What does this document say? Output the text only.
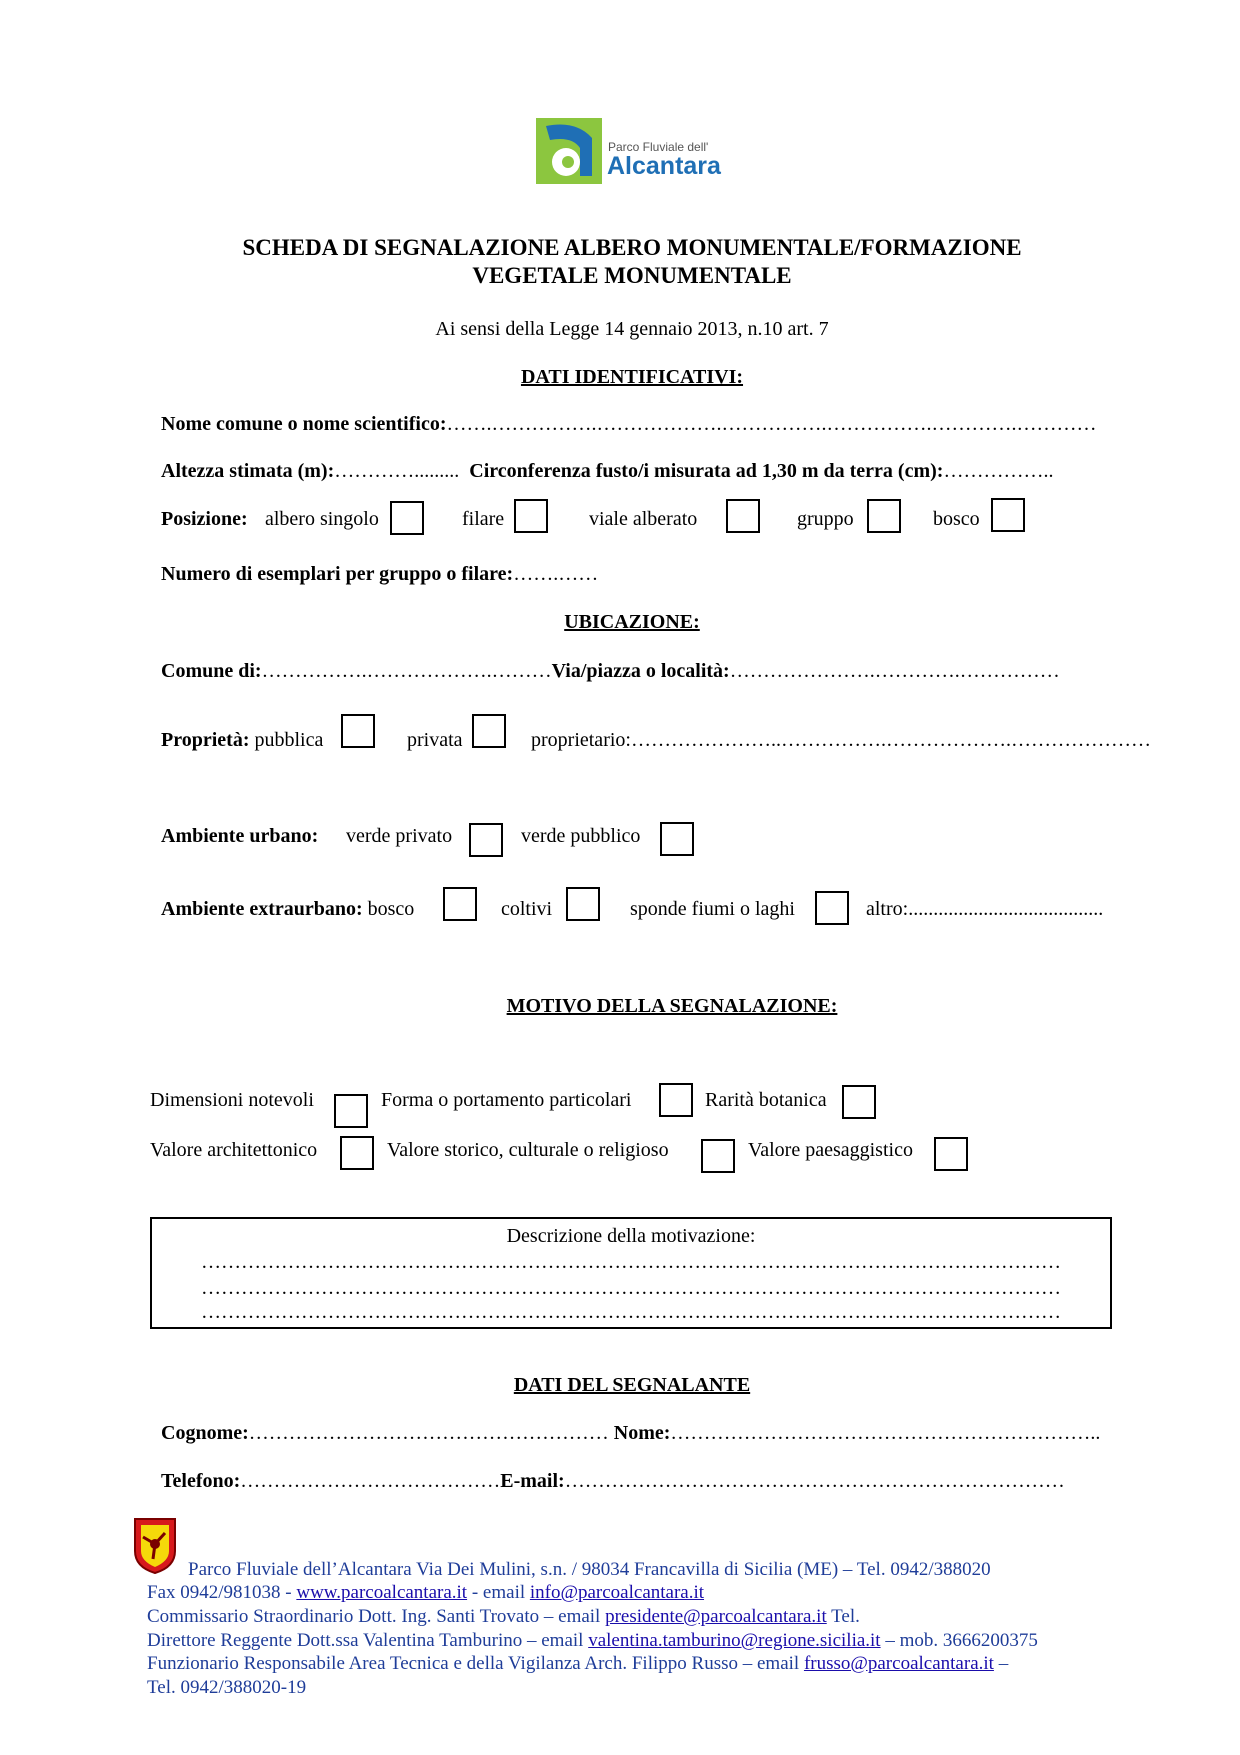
Parco Fluviale dell'
Alcantara
SCHEDA DI SEGNALAZIONE ALBERO MONUMENTALE/FORMAZIONE
VEGETALE MONUMENTALE
Ai sensi della Legge 14 gennaio 2013, n.10 art. 7
DATI IDENTIFICATIVI:
Nome comune o nome scientifico:…….…………….……………….…………….…………….………….…………
Altezza stimata (m):…………......... Circonferenza fusto/i misurata ad 1,30 m da terra (cm):……………..
Posizione: albero singolo	filare	viale alberato	gruppo	bosco
Numero di esemplari per gruppo o filare:…….……
UBICAZIONE:
Comune di:…………….……………….………Via/piazza o località:………………….………….……………
Proprietà: pubblica	privata	proprietario:…………………..…………….……………….…………………
Ambiente urbano: verde privato	verde pubblico
Ambiente extraurbano: bosco	coltivi	sponde fiumi o laghi	altro:.......................................
MOTIVO DELLA SEGNALAZIONE:
Dimensioni notevoli	Forma o portamento particolari	Rarità botanica
Valore architettonico	Valore storico, culturale o religioso	Valore paesaggistico
Descrizione della motivazione:
…………………………………………………………………………………………………………………
…………………………………………………………………………………………………………………
…………………………………………………………………………………………………………………
DATI DEL SEGNALANTE
Cognome:……………………………………………… Nome:………………………………………………………..
Telefono:…………………………………E-mail:…………………………………………………………………
Parco Fluviale dell’Alcantara Via Dei Mulini, s.n. / 98034 Francavilla di Sicilia (ME) – Tel. 0942/388020
Fax 0942/981038 - www.parcoalcantara.it - email info@parcoalcantara.it
Commissario Straordinario Dott. Ing. Santi Trovato – email presidente@parcoalcantara.it Tel.
Direttore Reggente Dott.ssa Valentina Tamburino – email valentina.tamburino@regione.sicilia.it – mob. 3666200375
Funzionario Responsabile Area Tecnica e della Vigilanza Arch. Filippo Russo – email frusso@parcoalcantara.it –
Tel. 0942/388020-19
